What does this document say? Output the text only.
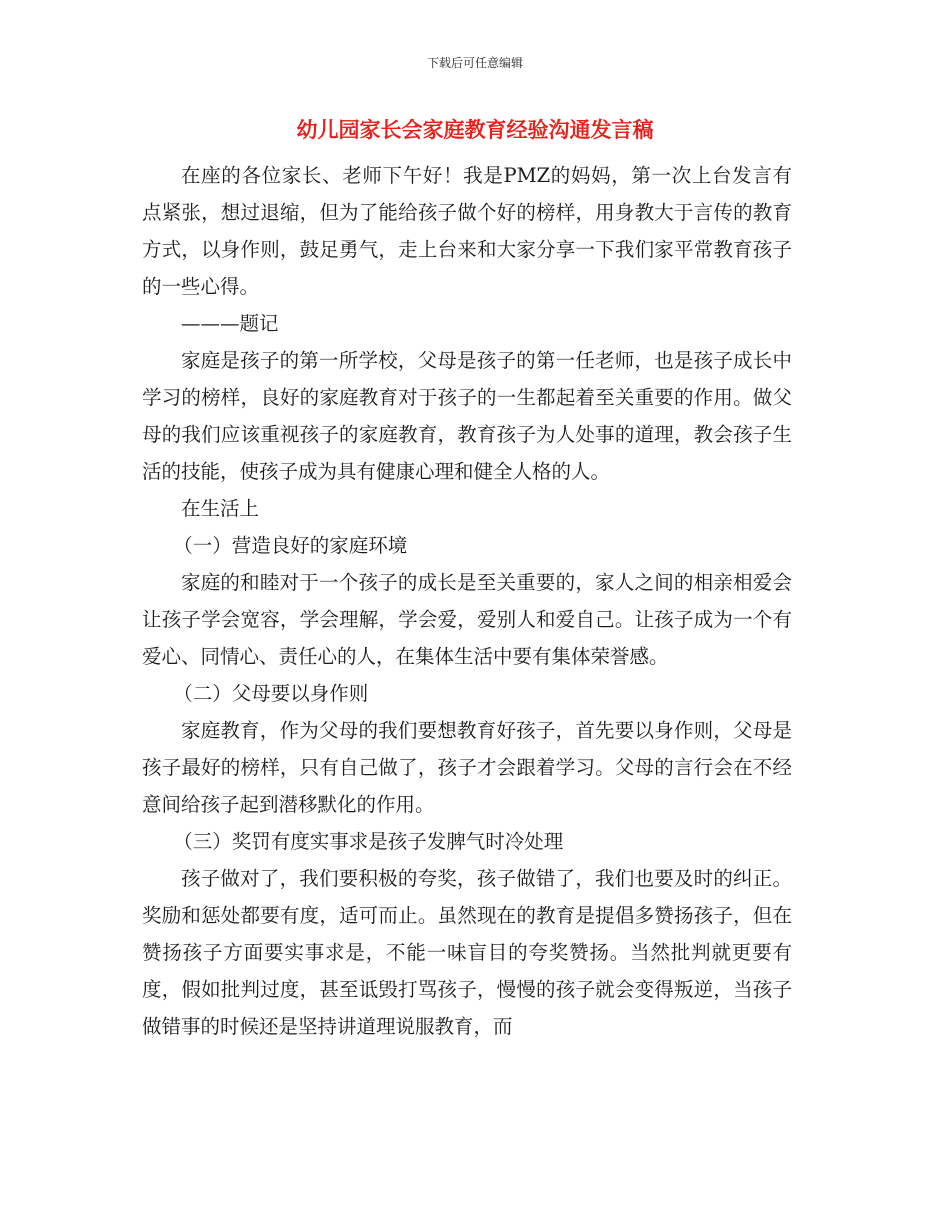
下载后可任意编辑
幼儿园家长会家庭教育经验沟通发言稿

在座的各位家长、老师下午好！我是PMZ的妈妈，第一次上台发言有点紧张，想过退缩，但为了能给孩子做个好的榜样，用身教大于言传的教育方式，以身作则，鼓足勇气，走上台来和大家分享一下我们家平常教育孩子的一些心得。

———题记

家庭是孩子的第一所学校，父母是孩子的第一任老师，也是孩子成长中学习的榜样，良好的家庭教育对于孩子的一生都起着至关重要的作用。做父母的我们应该重视孩子的家庭教育，教育孩子为人处事的道理，教会孩子生活的技能，使孩子成为具有健康心理和健全人格的人。

在生活上

（一）营造良好的家庭环境

家庭的和睦对于一个孩子的成长是至关重要的，家人之间的相亲相爱会让孩子学会宽容，学会理解，学会爱，爱别人和爱自己。让孩子成为一个有爱心、同情心、责任心的人，在集体生活中要有集体荣誉感。

（二）父母要以身作则

家庭教育，作为父母的我们要想教育好孩子，首先要以身作则，父母是孩子最好的榜样，只有自己做了，孩子才会跟着学习。父母的言行会在不经意间给孩子起到潜移默化的作用。

（三）奖罚有度实事求是孩子发脾气时冷处理

孩子做对了，我们要积极的夸奖，孩子做错了，我们也要及时的纠正。奖励和惩处都要有度，适可而止。虽然现在的教育是提倡多赞扬孩子，但在赞扬孩子方面要实事求是，不能一味盲目的夸奖赞扬。当然批判就更要有度，假如批判过度，甚至诋毁打骂孩子，慢慢的孩子就会变得叛逆，当孩子做错事的时候还是坚持讲道理说服教育，而
